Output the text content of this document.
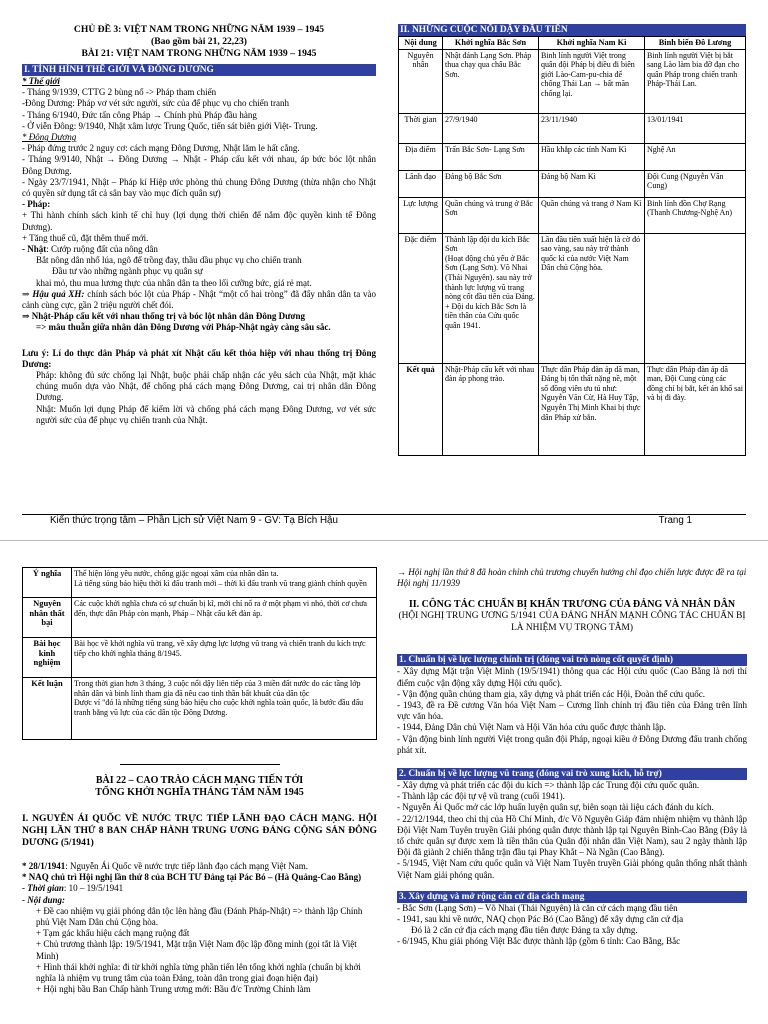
CHỦ ĐỀ 3: VIỆT NAM TRONG NHỮNG NĂM 1939 – 1945

(Bao gồm bài 21, 22,23)

BÀI 21: VIỆT NAM TRONG NHỮNG NĂM 1939 – 1945

I. TÌNH HÌNH THẾ GIỚI VÀ ĐÔNG DƯƠNG

* Thế giới

- Tháng 9/1939, CTTG 2 bùng nổ -> Pháp tham chiến

-Đông Dương: Pháp vơ vét sức người, sức của để phục vụ cho chiến tranh

- Tháng 6/1940, Đức tấn công Pháp → Chính phủ Pháp đầu hàng

- Ở viễn Đông: 9/1940, Nhật xâm lược Trung Quốc, tiến sát biên giới Việt- Trung.

* Đông Dương

- Pháp đứng trước 2 nguy cơ: cách mạng Đông Dương, Nhật lăm le hất cẳng.

- Tháng 9/9140, Nhật → Đông Dương → Nhật - Pháp cấu kết với nhau, áp bức bóc lột nhân Đông Dương.

- Ngày 23/7/1941, Nhật – Pháp kí Hiệp ước phòng thủ chung Đông Dương (thừa nhận cho Nhật có quyền sử dụng tất cả sân bay vào mục đích quân sự)

- Pháp:

+ Thi hành chính sách kinh tế chỉ huy (lợi dụng thời chiến để nắm độc quyền kinh tế Đông Dương).

+ Tăng thuế cũ, đặt thêm thuế mới.

- Nhật: Cướp ruộng đất của nông dân

Bắt nông dân nhổ lúa, ngô để trồng đay, thầu dầu phục vụ cho chiến tranh

Đầu tư vào những ngành phục vụ quân sự

khai mỏ, thu mua lương thực của nhân dân ta theo lối cưỡng bức, giá rẻ mạt.

⇒ Hậu quả XH: chính sách bóc lột của Pháp - Nhật “một cổ hai tròng” đã đẩy nhân dân ta vào cảnh cùng cực, gần 2 triệu người chết đói.

⇒ Nhật-Pháp cấu kết với nhau thống trị và bóc lột nhân dân Đông Dương

=> mâu thuẫn giữa nhân dân Đông Dương với Pháp-Nhật ngày càng sâu sắc.

Lưu ý: Lí do thực dân Pháp và phát xít Nhật cấu kết thỏa hiệp với nhau thống trị Đông Dương:

Pháp: không đủ sức chống lại Nhật, buộc phải chấp nhận các yêu sách của Nhật, mặt khác chúng muốn dựa vào Nhật, để chống phá cách mạng Đông Dương, cai trị nhân dân Đông Dương.

Nhật: Muốn lợi dụng Pháp để kiếm lời và chống phá cách mạng Đông Dương, vơ vét sức người sức của để phục vụ chiến tranh của Nhật.

II. NHỮNG CUỘC NỔI DẬY ĐẦU TIÊN
Nội dung	Khởi nghĩa Bắc Sơn	Khởi nghĩa Nam Kì	Binh biến Đô Lương
Nguyên nhân	Nhật đánh Lạng Sơn. Pháp thua chạy qua châu Bắc Sơn.	Binh lính người Việt trong quân đội Pháp bị điều đi biên giới Lào-Cam-pu-chia để chống Thái Lan → bất mãn chống lại.	Binh lính người Việt bị bắt sang Lào làm bia đỡ đạn cho quân Pháp trong chiến tranh Pháp-Thái Lan.
Thời gian	27/9/1940	23/11/1940	13/01/1941
Địa điểm	Trấn Bắc Sơn- Lạng Sơn	Hầu khắp các tỉnh Nam Kì	Nghệ An
Lãnh đạo	Đảng bộ Bắc Sơn	Đảng bộ Nam Kì	Đội Cung (Nguyễn Văn Cung)
Lực lượng	Quần chúng và trung ở Bắc Sơn	Quần chúng và trang ở Nam Kì	Binh lính đồn Chợ Rạng (Thanh Chương-Nghệ An)
Đặc điểm	Thành lập đội du kích Bắc Sơn
(Hoạt động chủ yếu ở Bắc Sơn (Lạng Sơn). Võ Nhai (Thái Nguyên). sau này trở thành lực lượng vũ trang nòng cốt đầu tiên của Đảng.
+ Đội du kích Bắc Sơn là tiền thân của Cứu quốc quân 1941.	Lần đầu tiên xuất hiện là cờ đỏ sao vàng, sau này trở thành quốc kì của nước Việt Nam Dân chủ Cộng hòa.	
Kết quả	Nhật-Pháp cấu kết với nhau đàn áp phong trào.	Thực dân Pháp đàn áp dã man, Đảng bị tổn thất nặng nề, một số đồng viên ưu tú như: Nguyễn Văn Cừ, Hà Huy Tập, Nguyễn Thị Minh Khai bị thực dân Pháp xử bắn.	Thực dân Pháp đàn áp dã man, Đội Cung cùng các đồng chí bị bắt, kết án khổ sai và bị đi đày.
Kiến thức trọng tâm – Phần Lịch sử Việt Nam 9 - GV: Tạ Bích Hậu	Trang 1
Ý nghĩa	Thể hiện lòng yêu nước, chống giặc ngoại xâm của nhân dân ta.
Là tiếng súng báo hiệu thời kì đấu tranh mới – thời kì đấu tranh vũ trang giành chính quyền
Nguyên nhân thất bại	Các cuộc khởi nghĩa chưa có sự chuẩn bị kĩ, mới chỉ nổ ra ở một phạm vi nhỏ, thời cơ chưa đến, thực dân Pháp còn mạnh, Pháp – Nhật cấu kết đàn áp.
Bài học kinh nghiệm	Bài học về khởi nghĩa vũ trang, về xây dựng lực lượng vũ trang và chiến tranh du kích trực tiếp cho khởi nghĩa tháng 8/1945.
Kết luận	Trong thời gian hơn 3 tháng, 3 cuộc nổi dậy liên tiếp của 3 miền đất nước do các tầng lớp nhân dân và binh lính tham gia đã nêu cao tinh thần bất khuất của dân tộc
Được ví "đó là những tiếng súng báo hiệu cho cuộc khởi nghĩa toàn quốc, là bước đầu đấu tranh bằng vũ lực của các dân tộc Đông Dương.

BÀI 22 – CAO TRÀO CÁCH MẠNG TIẾN TỚI

TỔNG KHỞI NGHĨA THÁNG TÁM NĂM 1945

I. NGUYỄN ÁI QUỐC VỀ NƯỚC TRỰC TIẾP LÃNH ĐẠO CÁCH MẠNG. HỘI NGHỊ LẦN THỨ 8 BAN CHẤP HÀNH TRUNG ƯƠNG ĐẢNG CỘNG SẢN ĐÔNG DƯƠNG (5/1941)

* 28/1/1941: Nguyễn Ái Quốc về nước trực tiếp lãnh đạo cách mạng Việt Nam.

* NAQ chủ trì Hội nghị lần thứ 8 của BCH TƯ Đảng tại Pác Bó – (Hà Quảng-Cao Bằng)

- Thời gian: 10 – 19/5/1941

- Nội dung:

+ Đề cao nhiệm vụ giải phóng dân tộc lên hàng đầu (Đánh Pháp-Nhật) => thành lập Chính phủ Việt Nam Dân chủ Cộng hòa.

+ Tạm gác khẩu hiệu cách mạng ruộng đất

+ Chủ trương thành lập: 19/5/1941, Mặt trận Việt Nam độc lập đồng minh (gọi tắt là Việt Minh)

+ Hình thái khởi nghĩa: đi từ khởi nghĩa từng phần tiến lên tổng khởi nghĩa (chuẩn bị khởi nghĩa là nhiệm vụ trung tâm của toàn Đảng, toàn dân trong giai đoạn hiện đại)

+ Hội nghị bầu Ban Chấp hành Trung ương mới: Bầu đ/c Trường Chinh làm

→ Hội nghị lần thứ 8 đã hoàn chỉnh chủ trương chuyển hướng chỉ đạo chiến lược được đề ra tại Hội nghị 11/1939

II. CÔNG TÁC CHUẨN BỊ KHẨN TRƯƠNG CỦA ĐẢNG VÀ NHÂN DÂN

(HỘI NGHỊ TRUNG ƯƠNG 5/1941 CỦA ĐẢNG NHẤN MẠNH CÔNG TÁC CHUẨN BỊ LÀ NHIỆM VỤ TRỌNG TÂM)

1. Chuẩn bị về lực lượng chính trị (đóng vai trò nòng cốt quyết định)

- Xây dựng Mặt trận Việt Minh (19/5/1941) thông qua các Hội cứu quốc (Cao Bằng là nơi thí điểm cuộc vận động xây dựng Hội cứu quốc).

- Vận động quần chúng tham gia, xây dựng và phát triển các Hội, Đoàn thể cứu quốc.

- 1943, đề ra Đề cương Văn hóa Việt Nam – Cương lĩnh chính trị đầu tiên của Đảng trên lĩnh vực văn hóa.

- 1944, Đảng Dân chủ Việt Nam và Hội Văn hóa cứu quốc được thành lập.

- Vận động binh lính người Việt trong quân đội Pháp, ngoại kiều ở Đông Dương đấu tranh chống phát xít.

2. Chuẩn bị về lực lượng vũ trang (đóng vai trò xung kích, hỗ trợ)

- Xây dựng và phát triển các đội du kích => thành lập các Trung đội cứu quốc quân.

- Thành lập các đội tự vệ vũ trang (cuối 1941).

- Nguyễn Ái Quốc mở các lớp huấn luyện quân sự, biên soạn tài liệu cách đánh du kích.

- 22/12/1944, theo chỉ thị của Hồ Chí Minh, đ/c Võ Nguyên Giáp đảm nhiệm nhiệm vụ thành lập Đội Việt Nam Tuyên truyền Giải phóng quân được thành lập tại Nguyên Bình-Cao Bằng (Đây là tổ chức quân sự được xem là tiền thân của Quân đội nhân dân Việt Nam), sau 2 ngày thành lập Đội đã giành 2 chiến thắng trận đầu tại Phay Khắt – Nà Ngần (Cao Bằng).

- 5/1945, Việt Nam cứu quốc quân và Việt Nam Tuyên truyền Giải phóng quân thống nhất thành Việt Nam giải phóng quân.

3. Xây dựng và mở rộng căn cứ địa cách mạng

- Bắc Sơn (Lạng Sơn) – Võ Nhai (Thái Nguyên) là căn cứ cách mạng đầu tiên

- 1941, sau khi về nước, NAQ chọn Pác Bó (Cao Bằng) để xây dựng căn cứ địa

Đó là 2 căn cứ địa cách mạng đầu tiên được Đảng ta xây dựng.

- 6/1945, Khu giải phóng Việt Bắc được thành lập (gồm 6 tỉnh: Cao Bằng, Bắc
